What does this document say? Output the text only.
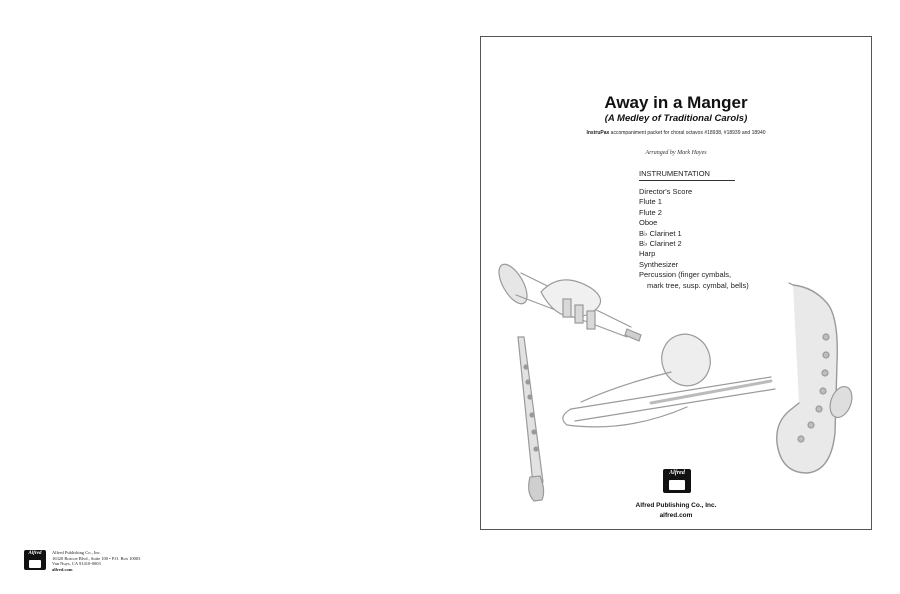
Alfred	Alfred Publishing Co., Inc.
16320 Roscoe Blvd., Suite 100 • P.O. Box 10003
Van Nuys, CA 91410-0003
alfred.com
Away in a Manger
(A Medley of Traditional Carols)
InstruPax accompaniment packet for choral octavos #18938, #18939 and 18940
Arranged by Mark Hayes
INSTRUMENTATION
Director's Score
Flute 1
Flute 2
Oboe
B♭ Clarinet 1
B♭ Clarinet 2
Harp
Synthesizer
Percussion (finger cymbals,
mark tree, susp. cymbal, bells)
Alfred
Alfred Publishing Co., Inc.
alfred.com
